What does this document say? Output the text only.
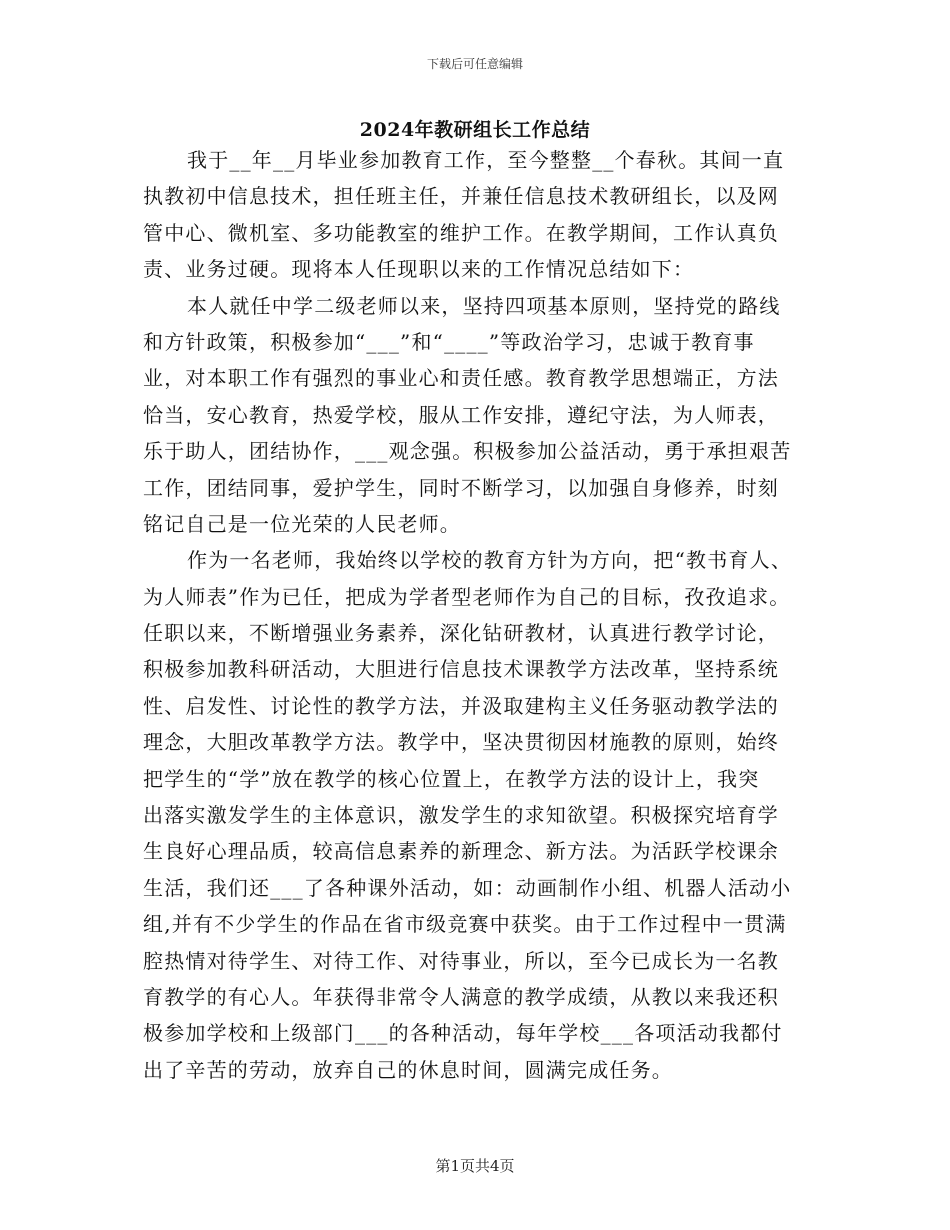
下载后可任意编辑
2024年教研组长工作总结
我于__年__月毕业参加教育工作，至今整整__个春秋。其间一直
执教初中信息技术，担任班主任，并兼任信息技术教研组长，以及网
管中心、微机室、多功能教室的维护工作。在教学期间，工作认真负
责、业务过硬。现将本人任现职以来的工作情况总结如下：
本人就任中学二级老师以来，坚持四项基本原则，坚持党的路线
和方针政策，积极参加“___”和“____”等政治学习，忠诚于教育事
业，对本职工作有强烈的事业心和责任感。教育教学思想端正，方法
恰当，安心教育，热爱学校，服从工作安排，遵纪守法，为人师表，
乐于助人，团结协作，___观念强。积极参加公益活动，勇于承担艰苦
工作，团结同事，爱护学生，同时不断学习，以加强自身修养，时刻
铭记自己是一位光荣的人民老师。
作为一名老师，我始终以学校的教育方针为方向，把“教书育人、
为人师表”作为已任，把成为学者型老师作为自己的目标，孜孜追求。
任职以来，不断增强业务素养，深化钻研教材，认真进行教学讨论，
积极参加教科研活动，大胆进行信息技术课教学方法改革，坚持系统
性、启发性、讨论性的教学方法，并汲取建构主义任务驱动教学法的
理念，大胆改革教学方法。教学中，坚决贯彻因材施教的原则，始终
把学生的“学”放在教学的核心位置上，在教学方法的设计上，我突
出落实激发学生的主体意识，激发学生的求知欲望。积极探究培育学
生良好心理品质，较高信息素养的新理念、新方法。为活跃学校课余
生活，我们还___了各种课外活动，如：动画制作小组、机器人活动小
组,并有不少学生的作品在省市级竞赛中获奖。由于工作过程中一贯满
腔热情对待学生、对待工作、对待事业，所以，至今已成长为一名教
育教学的有心人。年获得非常令人满意的教学成绩，从教以来我还积
极参加学校和上级部门___的各种活动，每年学校___各项活动我都付
出了辛苦的劳动，放弃自己的休息时间，圆满完成任务。
第1页共4页
